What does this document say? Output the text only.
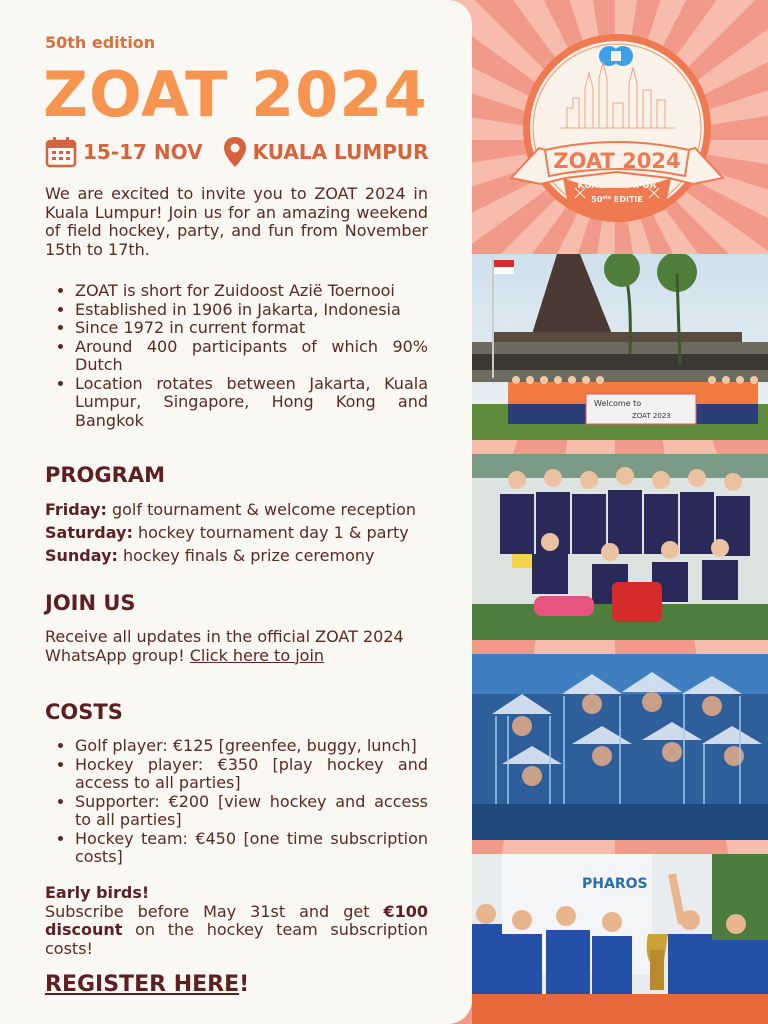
ZOAT 2024
KUALA LUMPUR
50ste EDITIE
Welcome to
ZOAT 2023
PHAROS
50th edition
ZOAT 2024
15-17 NOV	KUALA LUMPUR
We are excited to invite you to ZOAT 2024 in Kuala Lumpur! Join us for an amazing weekend of field hockey, party, and fun from November 15th to 17th.
• ZOAT is short for Zuidoost Azië Toernooi
• Established in 1906 in Jakarta, Indonesia
• Since 1972 in current format
• Around 400 participants of which 90% Dutch
• Location rotates between Jakarta, Kuala Lumpur, Singapore, Hong Kong and Bangkok
PROGRAM
Friday: golf tournament & welcome reception
Saturday: hockey tournament day 1 & party
Sunday: hockey finals & prize ceremony
JOIN US
Receive all updates in the official ZOAT 2024 WhatsApp group! Click here to join
COSTS
• Golf player: €125 [greenfee, buggy, lunch]
• Hockey player: €350 [play hockey and access to all parties]
• Supporter: €200 [view hockey and access to all parties]
• Hockey team: €450 [one time subscription costs]
Early birds!
Subscribe before May 31st and get €100 discount on the hockey team subscription costs!
REGISTER HERE!
